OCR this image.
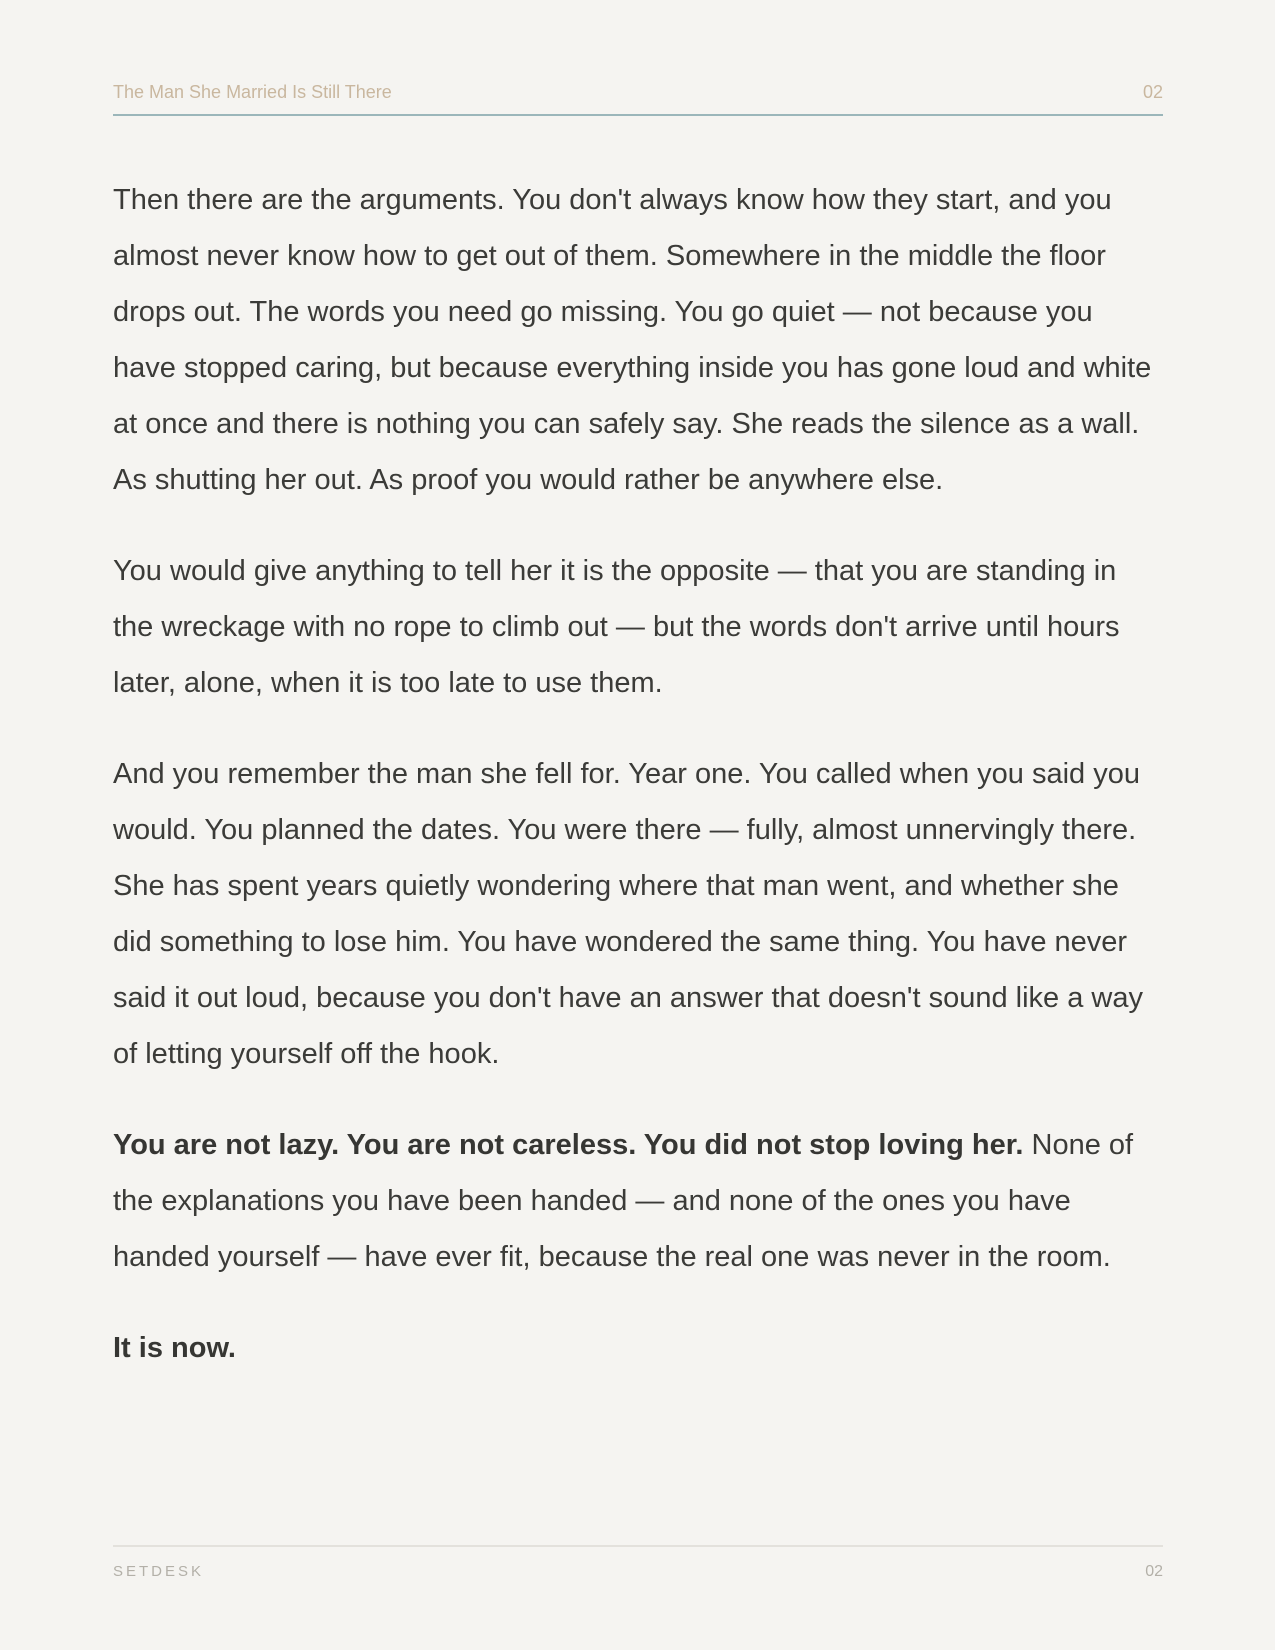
The Man She Married Is Still There	02

Then there are the arguments. You don't always know how they start, and you almost never know how to get out of them. Somewhere in the middle the floor drops out. The words you need go missing. You go quiet — not because you have stopped caring, but because everything inside you has gone loud and white at once and there is nothing you can safely say. She reads the silence as a wall. As shutting her out. As proof you would rather be anywhere else.

You would give anything to tell her it is the opposite — that you are standing in the wreckage with no rope to climb out — but the words don't arrive until hours later, alone, when it is too late to use them.

And you remember the man she fell for. Year one. You called when you said you would. You planned the dates. You were there — fully, almost unnervingly there. She has spent years quietly wondering where that man went, and whether she did something to lose him. You have wondered the same thing. You have never said it out loud, because you don't have an answer that doesn't sound like a way of letting yourself off the hook.

You are not lazy. You are not careless. You did not stop loving her. None of the explanations you have been handed — and none of the ones you have handed yourself — have ever fit, because the real one was never in the room.

It is now.

SETDESK	02
